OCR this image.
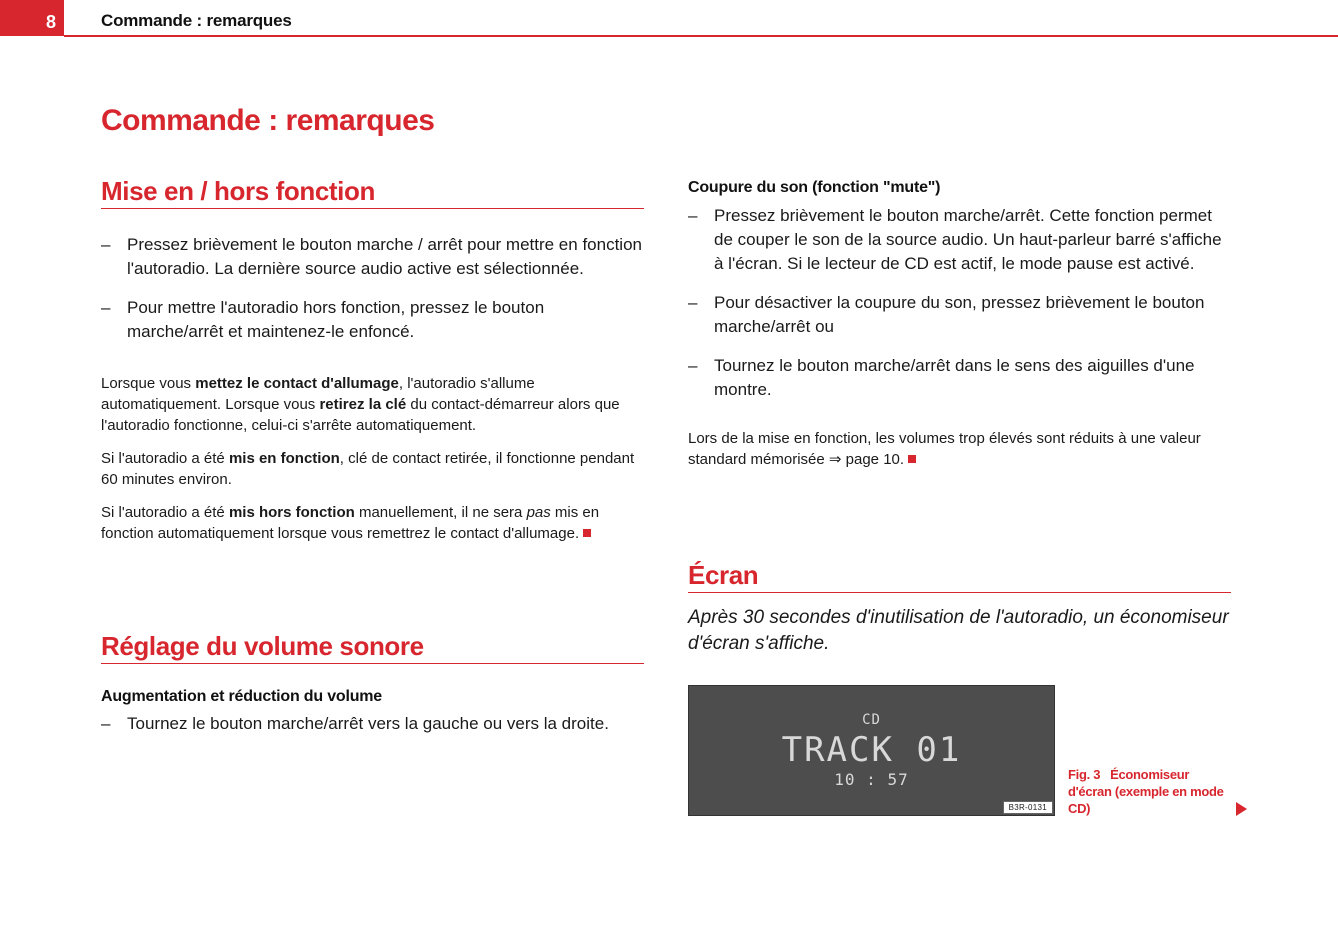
8	Commande : remarques
Commande : remarques
Mise en / hors fonction
– Pressez brièvement le bouton marche / arrêt pour mettre en fonction l'autoradio. La dernière source audio active est sélectionnée.
– Pour mettre l'autoradio hors fonction, pressez le bouton marche/arrêt et maintenez-le enfoncé.
Lorsque vous mettez le contact d'allumage, l'autoradio s'allume automatiquement. Lorsque vous retirez la clé du contact-démarreur alors que l'autoradio fonctionne, celui-ci s'arrête automatiquement.
Si l'autoradio a été mis en fonction, clé de contact retirée, il fonctionne pendant 60 minutes environ.
Si l'autoradio a été mis hors fonction manuellement, il ne sera pas mis en fonction automatiquement lorsque vous remettrez le contact d'allumage.
Réglage du volume sonore
Augmentation et réduction du volume
– Tournez le bouton marche/arrêt vers la gauche ou vers la droite.
Coupure du son (fonction "mute")
– Pressez brièvement le bouton marche/arrêt. Cette fonction permet de couper le son de la source audio. Un haut-parleur barré s'affiche à l'écran. Si le lecteur de CD est actif, le mode pause est activé.
– Pour désactiver la coupure du son, pressez brièvement le bouton marche/arrêt ou
– Tournez le bouton marche/arrêt dans le sens des aiguilles d'une montre.
Lors de la mise en fonction, les volumes trop élevés sont réduits à une valeur standard mémorisée ⇒ page 10.
Écran
Après 30 secondes d'inutilisation de l'autoradio, un économiseur d'écran s'affiche.
CD
TRACK 01
10 : 57
B3R-0131
Fig. 3 Économiseur d'écran (exemple en mode CD)
